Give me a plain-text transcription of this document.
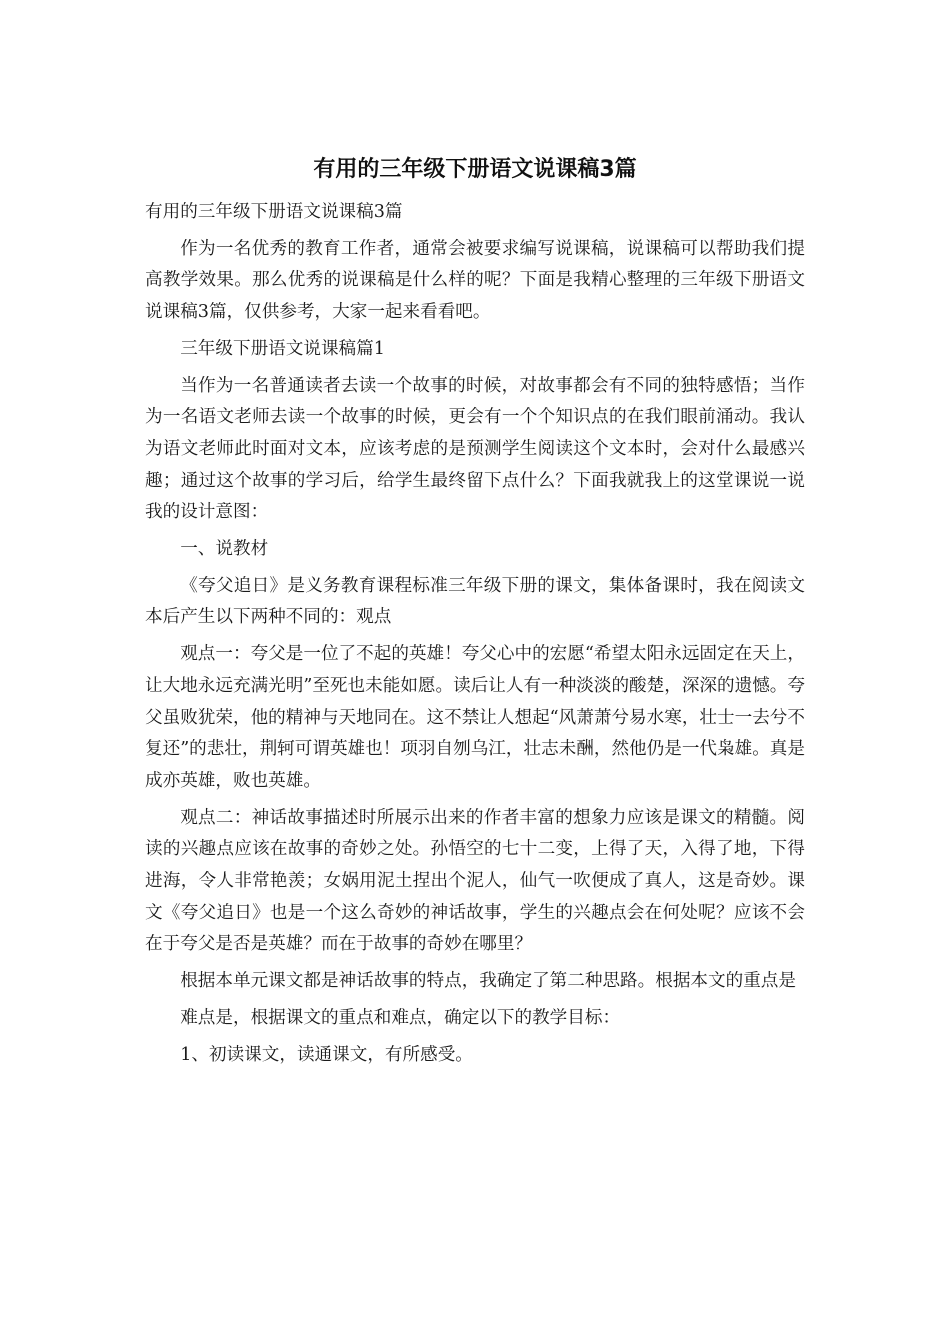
有用的三年级下册语文说课稿3篇

有用的三年级下册语文说课稿3篇

作为一名优秀的教育工作者，通常会被要求编写说课稿，说课稿可以帮助我们提高教学效果。那么优秀的说课稿是什么样的呢？下面是我精心整理的三年级下册语文说课稿3篇，仅供参考，大家一起来看看吧。

三年级下册语文说课稿篇1

当作为一名普通读者去读一个故事的时候，对故事都会有不同的独特感悟；当作为一名语文老师去读一个故事的时候，更会有一个个知识点的在我们眼前涌动。我认为语文老师此时面对文本，应该考虑的是预测学生阅读这个文本时，会对什么最感兴趣；通过这个故事的学习后，给学生最终留下点什么？下面我就我上的这堂课说一说我的设计意图：

一、说教材

《夸父追日》是义务教育课程标准三年级下册的课文，集体备课时，我在阅读文本后产生以下两种不同的：观点

观点一：夸父是一位了不起的英雄！夸父心中的宏愿“希望太阳永远固定在天上，让大地永远充满光明”至死也未能如愿。读后让人有一种淡淡的酸楚，深深的遗憾。夸父虽败犹荣，他的精神与天地同在。这不禁让人想起“风萧萧兮易水寒，壮士一去兮不复还”的悲壮，荆轲可谓英雄也！项羽自刎乌江，壮志未酬，然他仍是一代枭雄。真是成亦英雄，败也英雄。

观点二：神话故事描述时所展示出来的作者丰富的想象力应该是课文的精髓。阅读的兴趣点应该在故事的奇妙之处。孙悟空的七十二变，上得了天，入得了地，下得进海，令人非常艳羡；女娲用泥土捏出个泥人，仙气一吹便成了真人，这是奇妙。课文《夸父追日》也是一个这么奇妙的神话故事，学生的兴趣点会在何处呢？应该不会在于夸父是否是英雄？而在于故事的奇妙在哪里？

根据本单元课文都是神话故事的特点，我确定了第二种思路。根据本文的重点是

难点是，根据课文的重点和难点，确定以下的教学目标：

1、初读课文，读通课文，有所感受。
